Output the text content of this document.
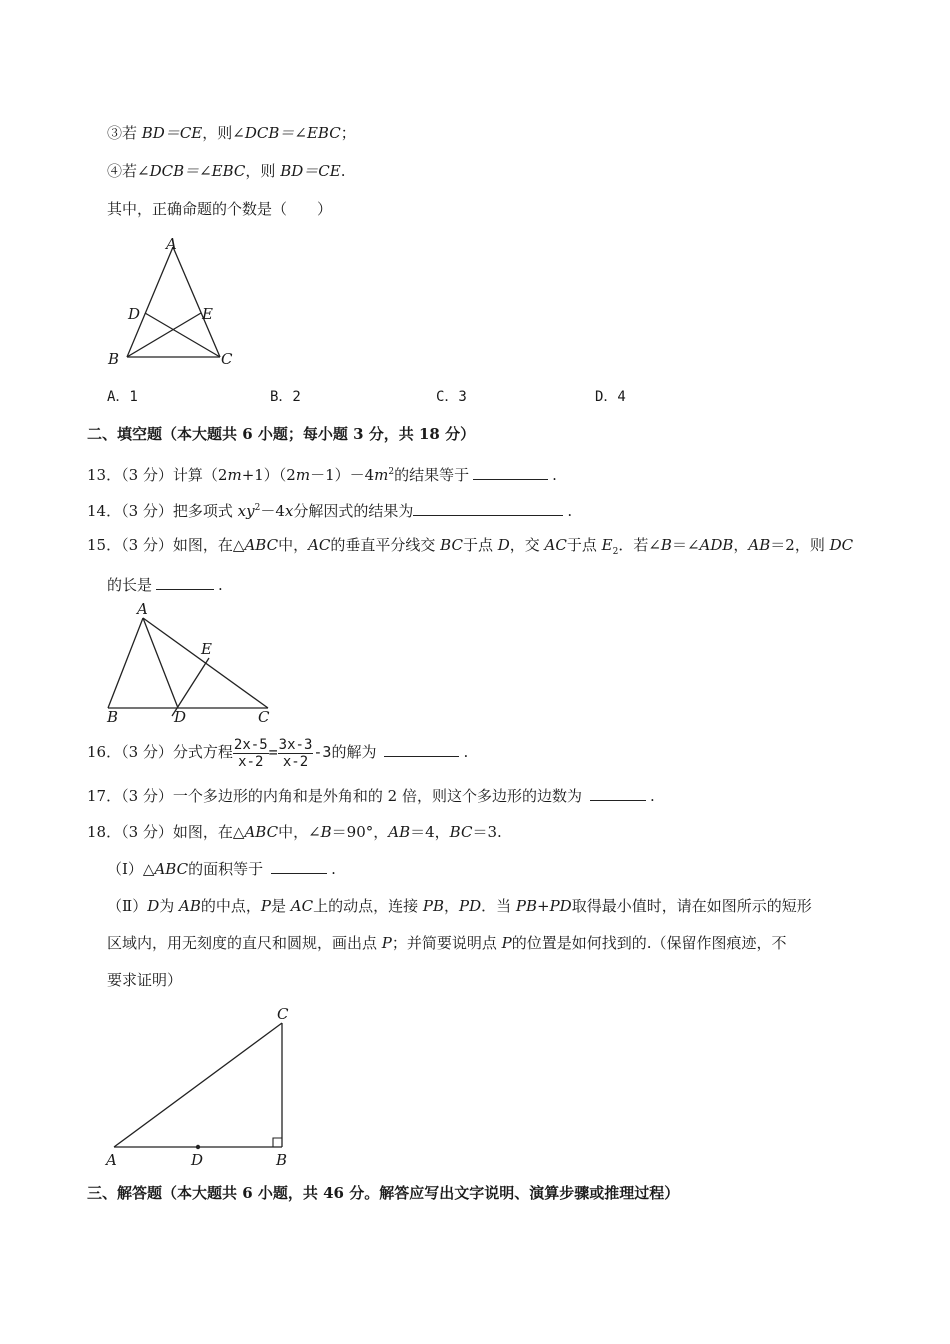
③若 BD＝CE，则∠DCB＝∠EBC；
④若∠DCB＝∠EBC，则 BD＝CE.
其中，正确命题的个数是（　　）
A
D	E
B	C
A．1	B．2	C．3	D．4
二、填空题（本大题共 6 小题；每小题 3 分，共 18 分）
13．（3 分）计算$(2m+1)(2m-1)-4m^2$的结果等于	.
14．（3 分）把多项式 $xy^2-4x$分解因式的结果为	.
15．（3 分）如图，在△ABC中，AC的垂直平分线交 BC于点 D，交 AC于点 $E_2$．若∠B＝∠ADB，AB＝2，则 DC
的长是	.
A
E
B	D	C
16．（3 分）分式方程 $\frac{2x-5}{x-2} = \frac{3x-3}{x-2} -3$的解为	.
17．（3 分）一个多边形的内角和是外角和的 2 倍，则这个多边形的边数为	.
18．（3 分）如图，在△ABC中，∠B＝90°，AB＝4，BC＝3.
（Ⅰ）△ABC的面积等于	.
（Ⅱ）D为 AB的中点，P是 AC上的动点，连接 PB，PD．当 PB+PD取得最小值时，请在如图所示的短形
区域内，用无刻度的直尺和圆规，画出点 P；并简要说明点 P的位置是如何找到的.（保留作图痕迹，不
要求证明）
C
A	D	B
三、解答题（本大题共 6 小题，共 46 分。解答应写出文字说明、演算步骤或推理过程）
